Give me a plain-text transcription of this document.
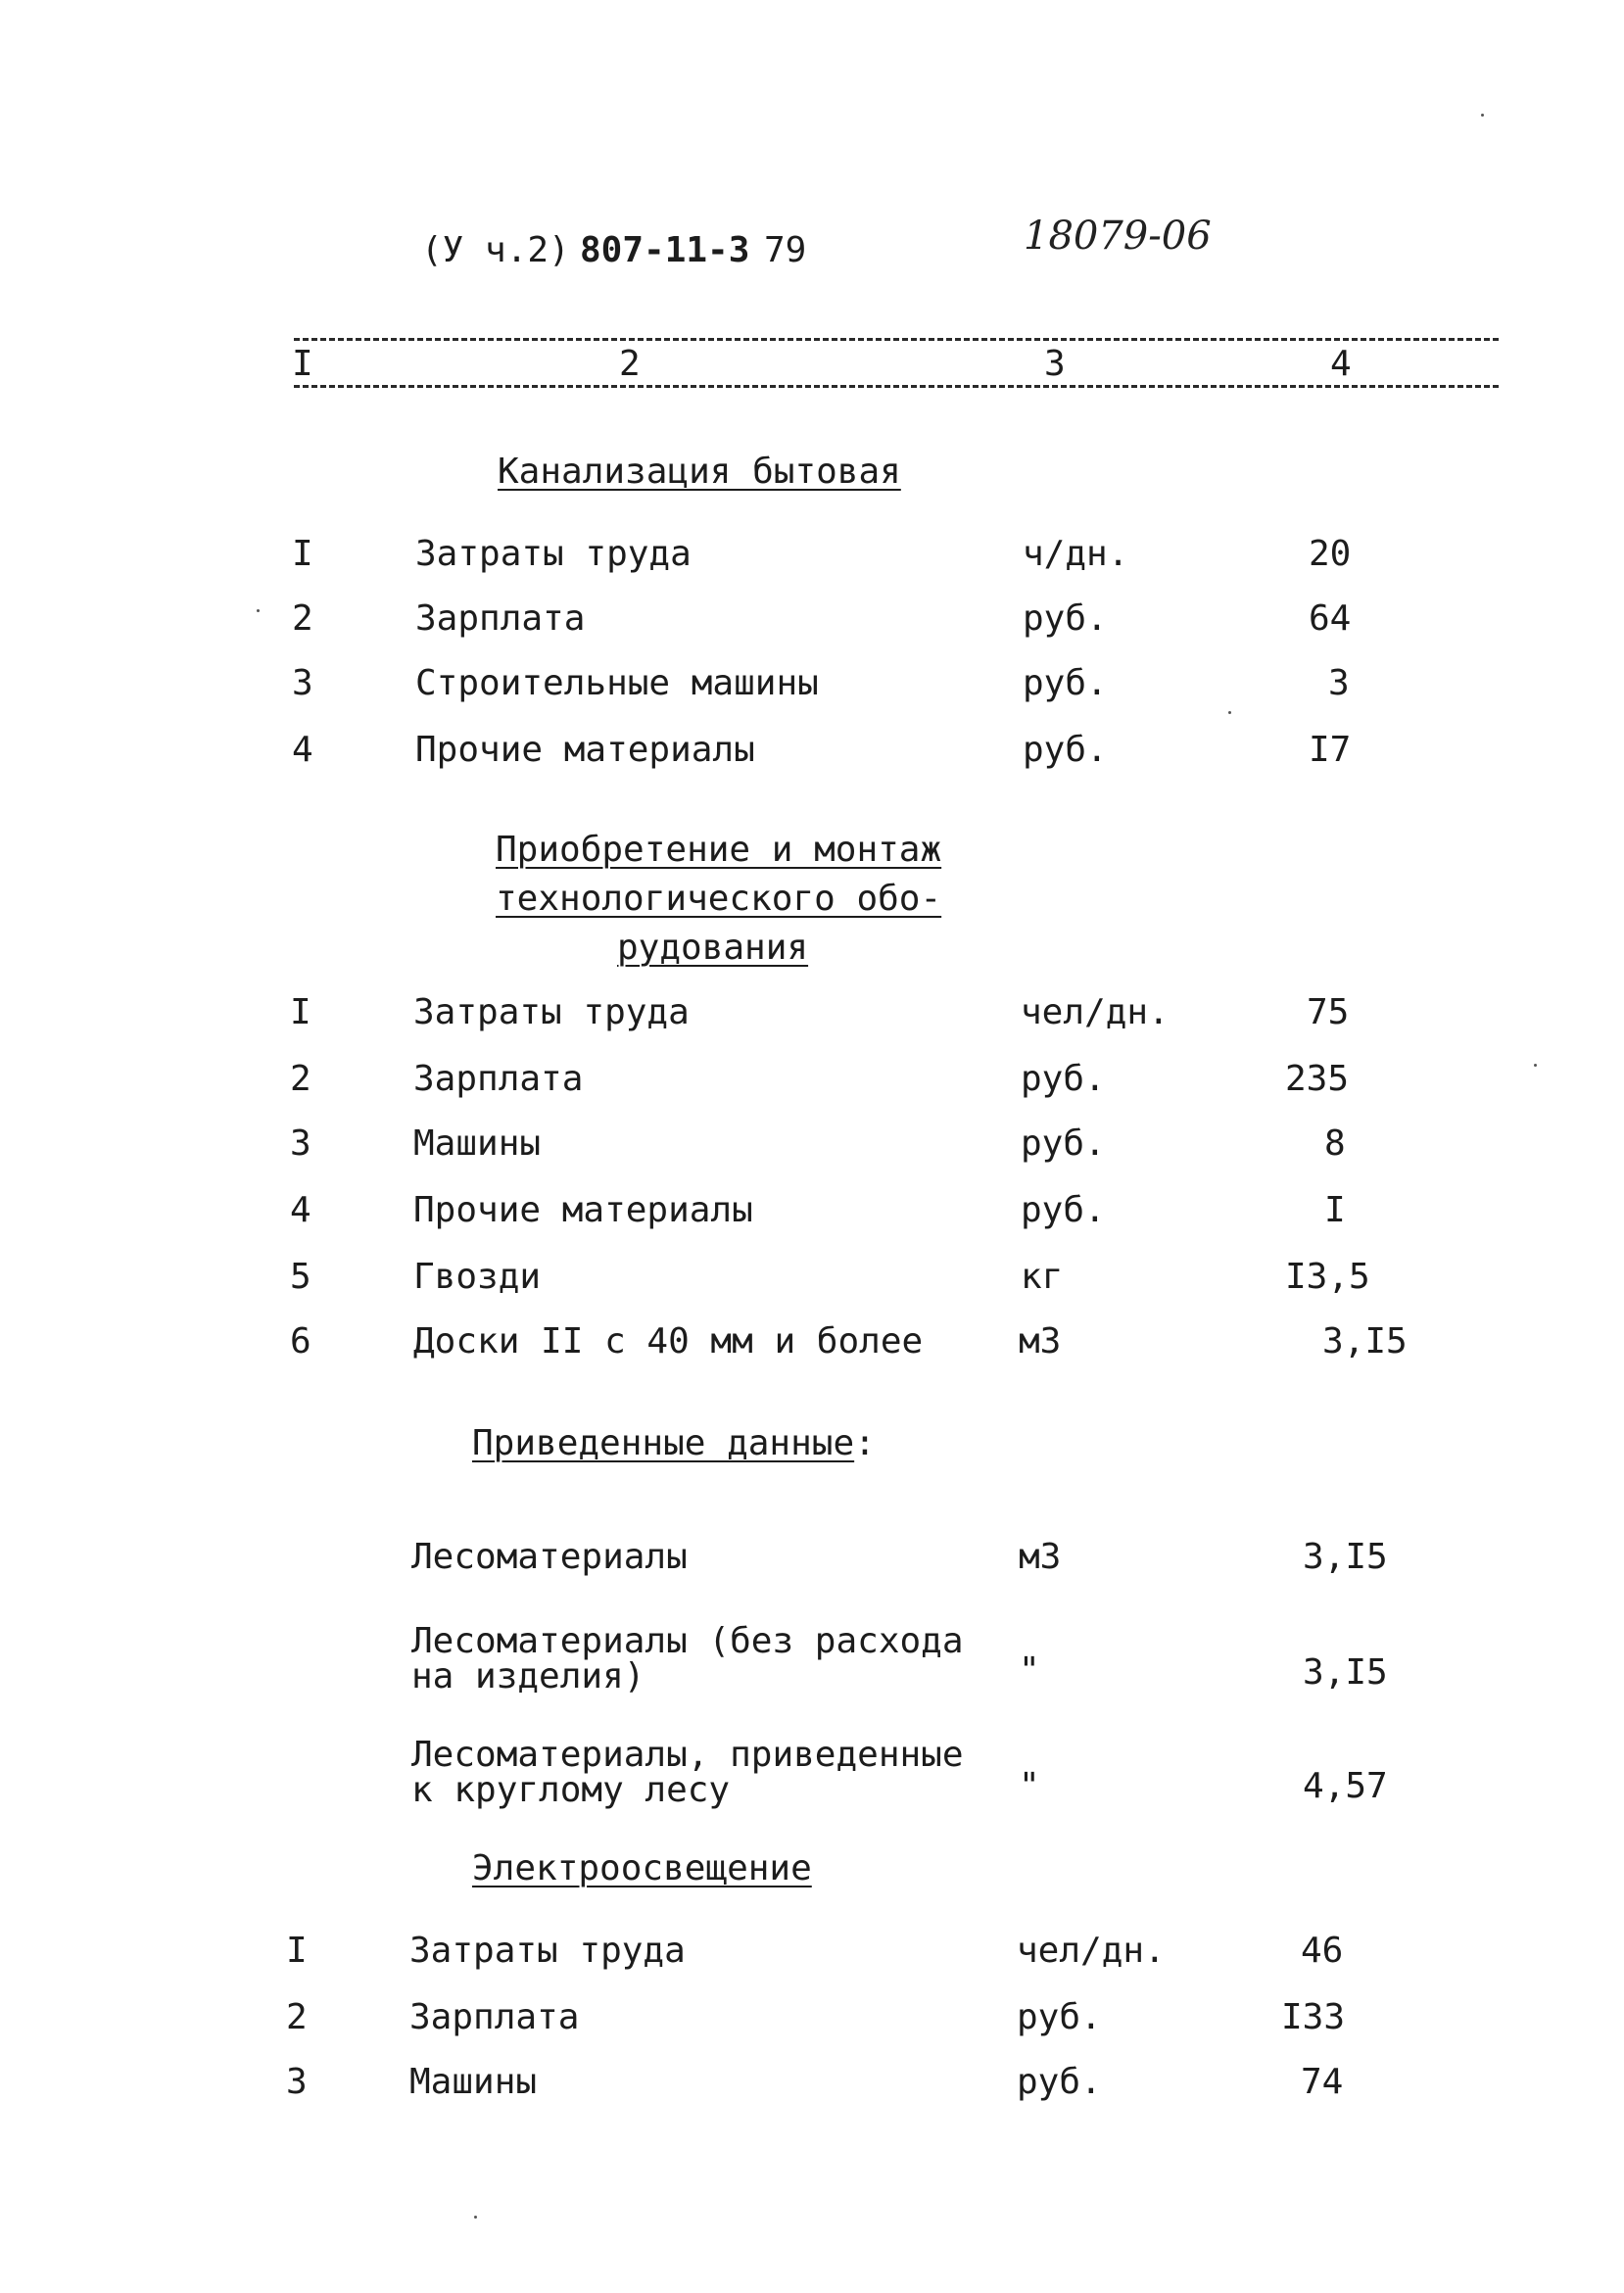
(У ч.2) 807-11-3 79	18079-06
I	2	3	4
Канализация бытовая
I	Затраты труда	ч/дн.	20
2	Зарплата	руб.	64
3	Строительные машины	руб.	3
4	Прочие материалы	руб.	I7
Приобретение и монтаж
технологического обо-
рудования
I	Затраты труда	чел/дн.	75
2	Зарплата	руб.	235
3	Машины	руб.	8
4	Прочие материалы	руб.	I
5	Гвозди	кг	I3,5
6	Доски II с 40 мм и более	м3	3,I5
Приведенные данные:
Лесоматериалы	м3	3,I5
Лесоматериалы (без расхода
на изделия)	"	3,I5
Лесоматериалы, приведенные
к круглому лесу	"	4,57
Электроосвещение
I	Затраты труда	чел/дн.	46
2	Зарплата	руб.	I33
3	Машины	руб.	74
